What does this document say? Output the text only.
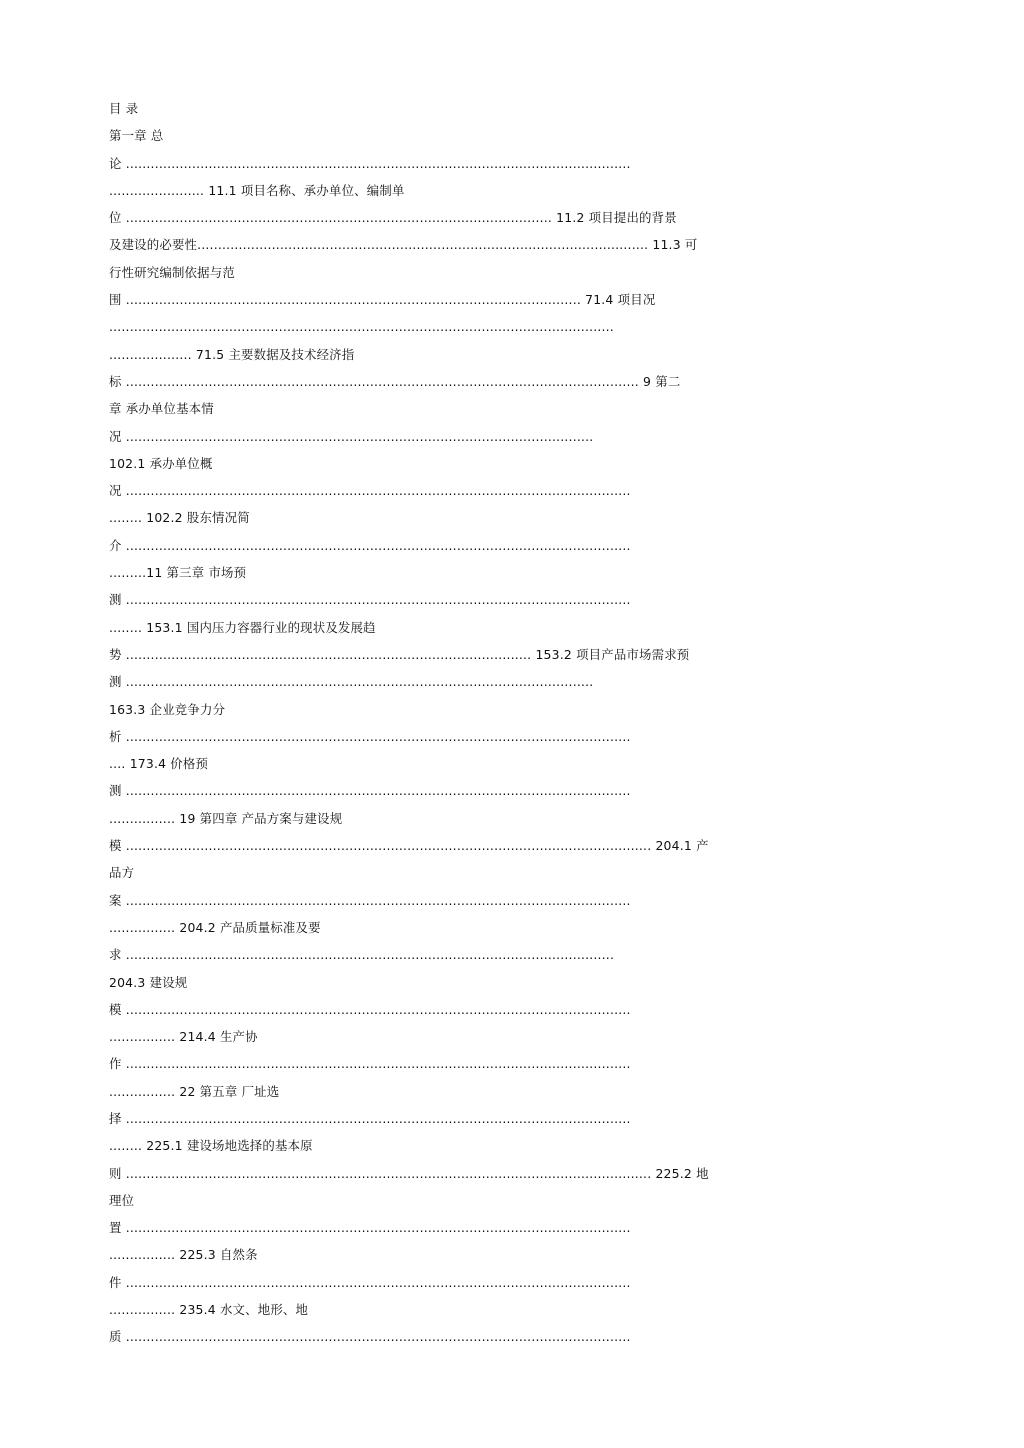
目 录
第一章 总
论 ..........................................................................................................................
....................... 11.1 项目名称、承办单位、编制单
位 ....................................................................................................... 11.2 项目提出的背景
及建设的必要性............................................................................................................. 11.3 可
行性研究编制依据与范
围 .............................................................................................................. 71.4 项目况
..........................................................................................................................
.................... 71.5 主要数据及技术经济指
标 ............................................................................................................................ 9 第二
章 承办单位基本情
况 .................................................................................................................
102.1 承办单位概
况 ..........................................................................................................................
........ 102.2 股东情况简
介 ..........................................................................................................................
.........11 第三章 市场预
测 ..........................................................................................................................
........ 153.1 国内压力容器行业的现状及发展趋
势 .................................................................................................. 153.2 项目产品市场需求预
测 .................................................................................................................
163.3 企业竞争力分
析 ..........................................................................................................................
.... 173.4 价格预
测 ..........................................................................................................................
................ 19 第四章 产品方案与建设规
模 ............................................................................................................................... 204.1 产
品方
案 ..........................................................................................................................
................ 204.2 产品质量标准及要
求 ......................................................................................................................
204.3 建设规
模 ..........................................................................................................................
................ 214.4 生产协
作 ..........................................................................................................................
................ 22 第五章 厂址选
择 ..........................................................................................................................
........ 225.1 建设场地选择的基本原
则 ............................................................................................................................... 225.2 地
理位
置 ..........................................................................................................................
................ 225.3 自然条
件 ..........................................................................................................................
................ 235.4 水文、地形、地
质 ..........................................................................................................................
